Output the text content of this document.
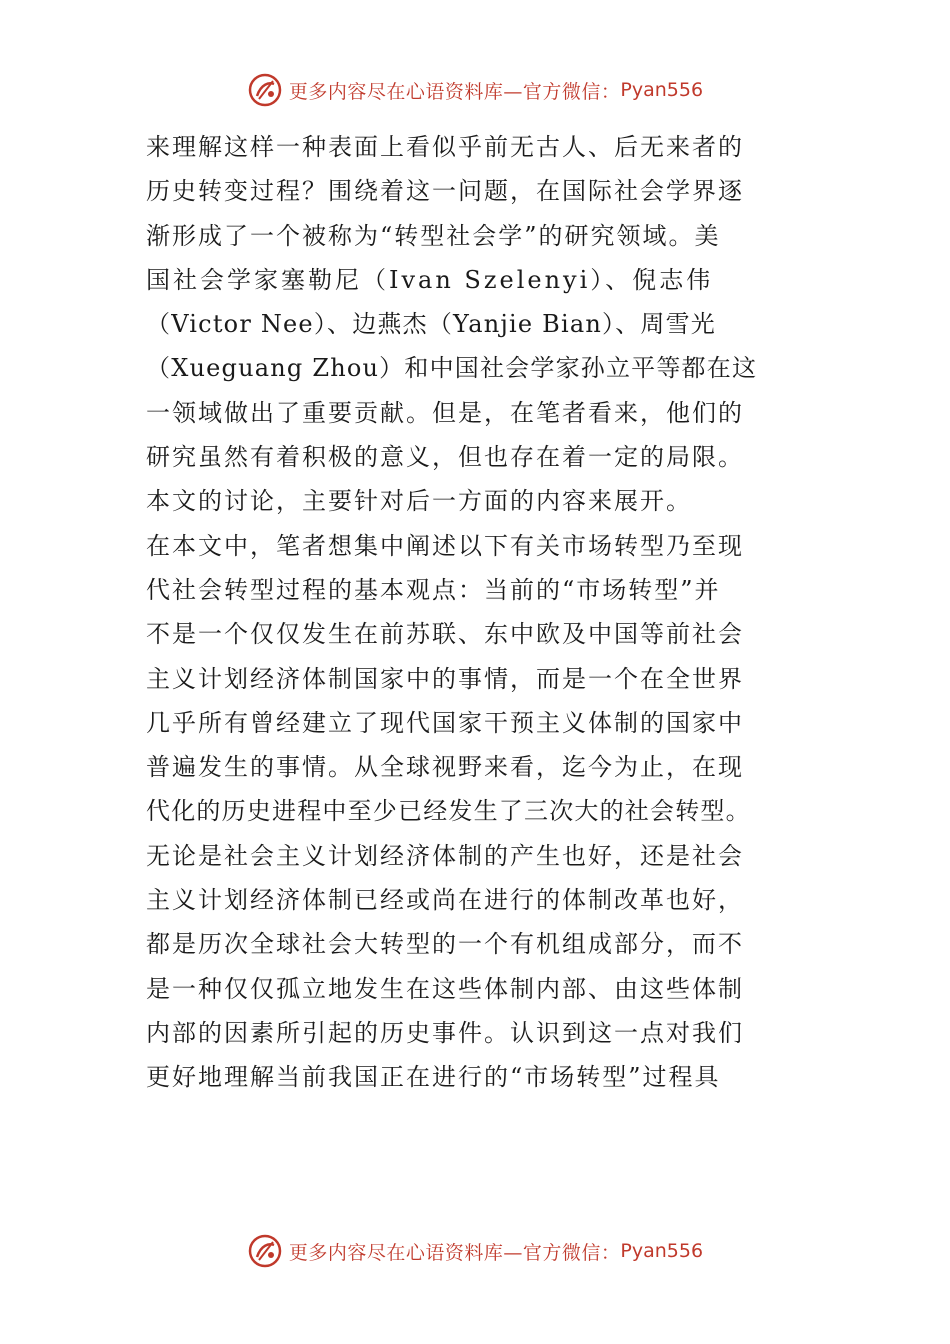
更多内容尽在心语资料库—官方微信： Pyan556
来理解这样一种表面上看似乎前无古人、后无来者的
历史转变过程？围绕着这一问题，在国际社会学界逐
渐形成了一个被称为“转型社会学”的研究领域。美
国社会学家塞勒尼（Ivan Szelenyi）、倪志伟
（Victor Nee）、边燕杰（Yanjie Bian）、周雪光
（Xueguang Zhou）和中国社会学家孙立平等都在这
一领域做出了重要贡献。但是，在笔者看来，他们的
研究虽然有着积极的意义，但也存在着一定的局限。
本文的讨论，主要针对后一方面的内容来展开。
在本文中，笔者想集中阐述以下有关市场转型乃至现
代社会转型过程的基本观点：当前的“市场转型”并
不是一个仅仅发生在前苏联、东中欧及中国等前社会
主义计划经济体制国家中的事情，而是一个在全世界
几乎所有曾经建立了现代国家干预主义体制的国家中
普遍发生的事情。从全球视野来看，迄今为止，在现
代化的历史进程中至少已经发生了三次大的社会转型。
无论是社会主义计划经济体制的产生也好，还是社会
主义计划经济体制已经或尚在进行的体制改革也好，
都是历次全球社会大转型的一个有机组成部分，而不
是一种仅仅孤立地发生在这些体制内部、由这些体制
内部的因素所引起的历史事件。认识到这一点对我们
更好地理解当前我国正在进行的“市场转型”过程具
更多内容尽在心语资料库—官方微信： Pyan556
